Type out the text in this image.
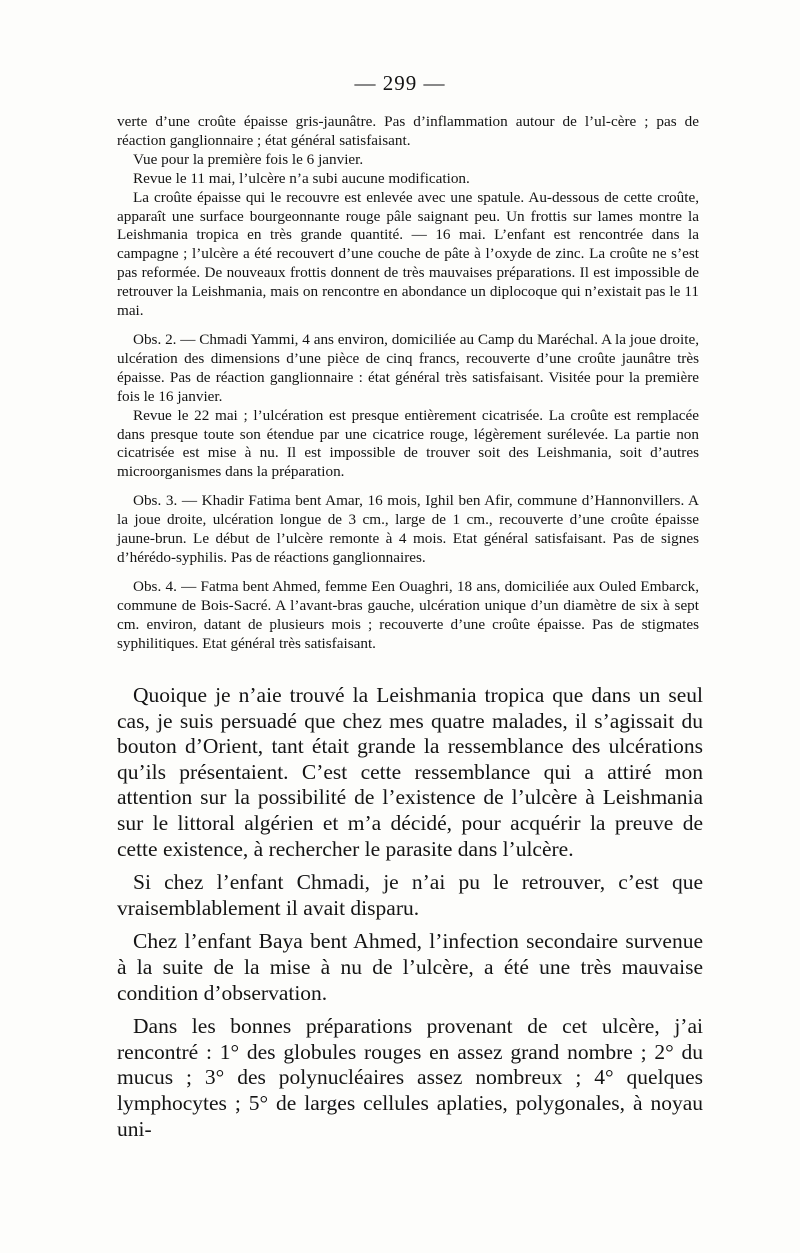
— 299 —

verte d’une croûte épaisse gris-jaunâtre. Pas d’inflammation autour de l’ul-cère ; pas de réaction ganglionnaire ; état général satisfaisant.

Vue pour la première fois le 6 janvier.

Revue le 11 mai, l’ulcère n’a subi aucune modification.

La croûte épaisse qui le recouvre est enlevée avec une spatule. Au-dessous de cette croûte, apparaît une surface bourgeonnante rouge pâle saignant peu. Un frottis sur lames montre la Leishmania tropica en très grande quantité. — 16 mai. L’enfant est rencontrée dans la campagne ; l’ulcère a été recouvert d’une couche de pâte à l’oxyde de zinc. La croûte ne s’est pas reformée. De nouveaux frottis donnent de très mauvaises préparations. Il est impossible de retrouver la Leishmania, mais on rencontre en abondance un diplocoque qui n’existait pas le 11 mai.

Obs. 2. — Chmadi Yammi, 4 ans environ, domiciliée au Camp du Maréchal. A la joue droite, ulcération des dimensions d’une pièce de cinq francs, recouverte d’une croûte jaunâtre très épaisse. Pas de réaction ganglionnaire : état général très satisfaisant. Visitée pour la première fois le 16 janvier.

Revue le 22 mai ; l’ulcération est presque entièrement cicatrisée. La croûte est remplacée dans presque toute son étendue par une cicatrice rouge, légèrement surélevée. La partie non cicatrisée est mise à nu. Il est impossible de trouver soit des Leishmania, soit d’autres microorganismes dans la préparation.

Obs. 3. — Khadir Fatima bent Amar, 16 mois, Ighil ben Afir, commune d’Hannonvillers. A la joue droite, ulcération longue de 3 cm., large de 1 cm., recouverte d’une croûte épaisse jaune-brun. Le début de l’ulcère remonte à 4 mois. Etat général satisfaisant. Pas de signes d’hérédo-syphilis. Pas de réactions ganglionnaires.

Obs. 4. — Fatma bent Ahmed, femme Een Ouaghri, 18 ans, domiciliée aux Ouled Embarck, commune de Bois-Sacré. A l’avant-bras gauche, ulcération unique d’un diamètre de six à sept cm. environ, datant de plusieurs mois ; recouverte d’une croûte épaisse. Pas de stigmates syphilitiques. Etat général très satisfaisant.

Quoique je n’aie trouvé la Leishmania tropica que dans un seul cas, je suis persuadé que chez mes quatre malades, il s’agissait du bouton d’Orient, tant était grande la ressemblance des ulcérations qu’ils présentaient. C’est cette ressemblance qui a attiré mon attention sur la possibilité de l’existence de l’ulcère à Leishmania sur le littoral algérien et m’a décidé, pour acquérir la preuve de cette existence, à rechercher le parasite dans l’ulcère.

Si chez l’enfant Chmadi, je n’ai pu le retrouver, c’est que vraisemblablement il avait disparu.

Chez l’enfant Baya bent Ahmed, l’infection secondaire survenue à la suite de la mise à nu de l’ulcère, a été une très mauvaise condition d’observation.

Dans les bonnes préparations provenant de cet ulcère, j’ai rencontré : 1° des globules rouges en assez grand nombre ; 2° du mucus ; 3° des polynucléaires assez nombreux ; 4° quelques lymphocytes ; 5° de larges cellules aplaties, polygonales, à noyau uni-
